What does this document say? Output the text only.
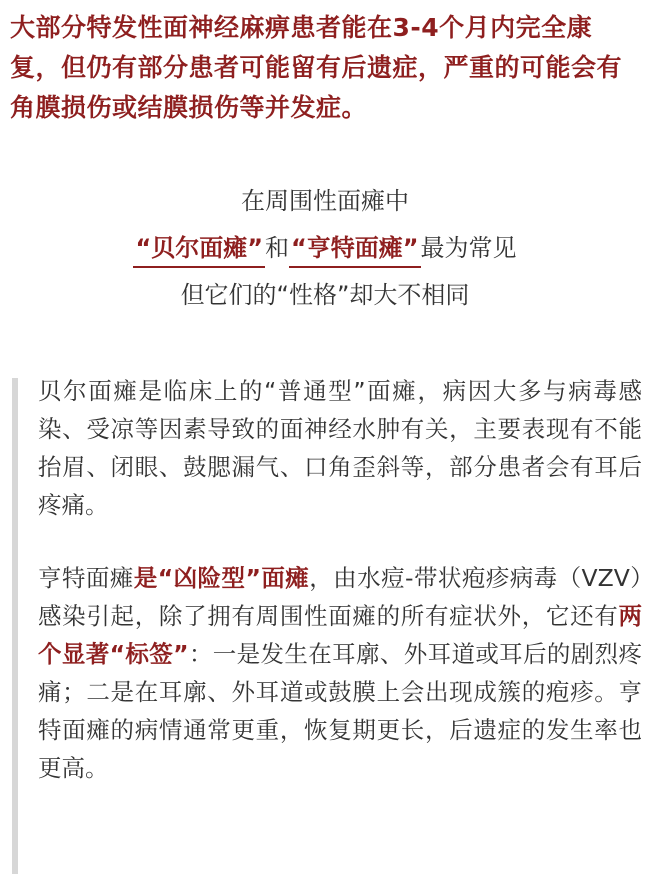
大部分特发性面神经麻痹患者能在3-4个月内完全康复，但仍有部分患者可能留有后遗症，严重的可能会有角膜损伤或结膜损伤等并发症。
在周围性面瘫中
“贝尔面瘫”和“亨特面瘫”最为常见
但它们的“性格”却大不相同

贝尔面瘫是临床上的“普通型”面瘫，病因大多与病毒感染、受凉等因素导致的面神经水肿有关，主要表现有不能抬眉、闭眼、鼓腮漏气、口角歪斜等，部分患者会有耳后疼痛。

亨特面瘫是“凶险型”面瘫，由水痘-带状疱疹病毒（VZV）感染引起，除了拥有周围性面瘫的所有症状外，它还有两个显著“标签”：一是发生在耳廓、外耳道或耳后的剧烈疼痛；二是在耳廓、外耳道或鼓膜上会出现成簇的疱疹。亨特面瘫的病情通常更重，恢复期更长，后遗症的发生率也更高。
